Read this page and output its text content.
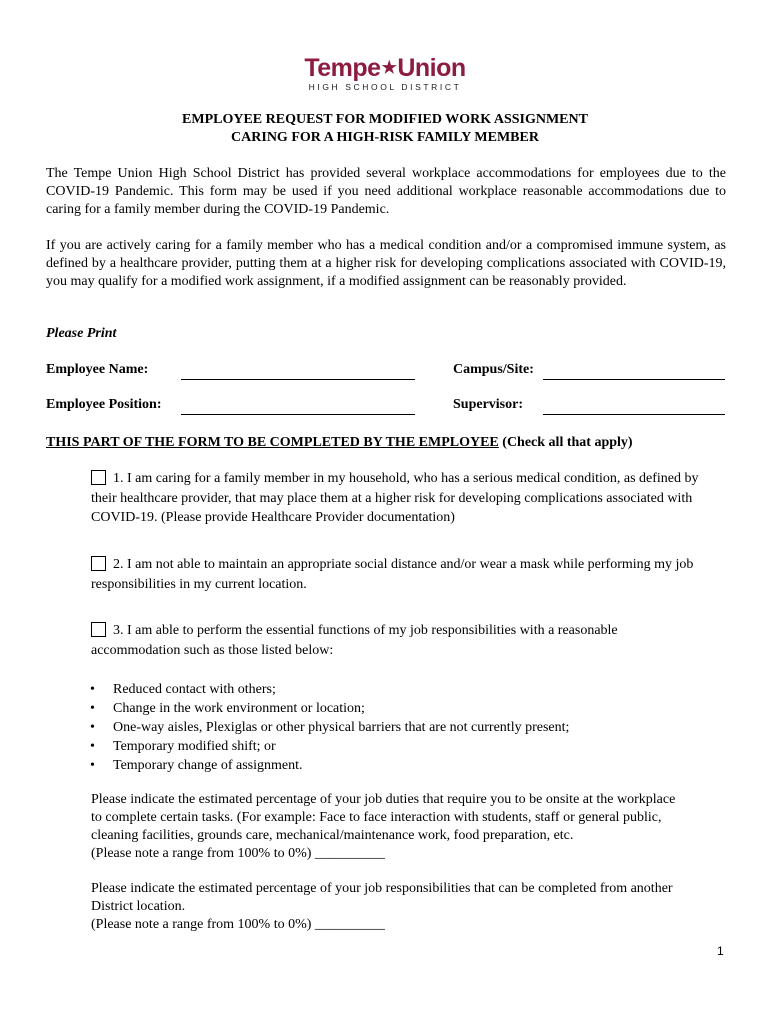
Tempe★Union
HIGH SCHOOL DISTRICT
EMPLOYEE REQUEST FOR MODIFIED WORK ASSIGNMENT
CARING FOR A HIGH-RISK FAMILY MEMBER
The Tempe Union High School District has provided several workplace accommodations for employees due to the COVID-19 Pandemic. This form may be used if you need additional workplace reasonable accommodations due to caring for a family member during the COVID-19 Pandemic.
If you are actively caring for a family member who has a medical condition and/or a compromised immune system, as defined by a healthcare provider, putting them at a higher risk for developing complications associated with COVID-19, you may qualify for a modified work assignment, if a modified assignment can be reasonably provided.
Please Print
Employee Name:	Campus/Site:
Employee Position:	Supervisor:
THIS PART OF THE FORM TO BE COMPLETED BY THE EMPLOYEE (Check all that apply)
1. I am caring for a family member in my household, who has a serious medical condition, as defined by their healthcare provider, that may place them at a higher risk for developing complications associated with COVID-19. (Please provide Healthcare Provider documentation)
2. I am not able to maintain an appropriate social distance and/or wear a mask while performing my job responsibilities in my current location.
3. I am able to perform the essential functions of my job responsibilities with a reasonable accommodation such as those listed below:
• Reduced contact with others;
• Change in the work environment or location;
• One-way aisles, Plexiglas or other physical barriers that are not currently present;
• Temporary modified shift; or
• Temporary change of assignment.
Please indicate the estimated percentage of your job duties that require you to be onsite at the workplace
to complete certain tasks. (For example: Face to face interaction with students, staff or general public,
cleaning facilities, grounds care, mechanical/maintenance work, food preparation, etc.
(Please note a range from 100% to 0%) __________
Please indicate the estimated percentage of your job responsibilities that can be completed from another
District location.
(Please note a range from 100% to 0%) __________
1
